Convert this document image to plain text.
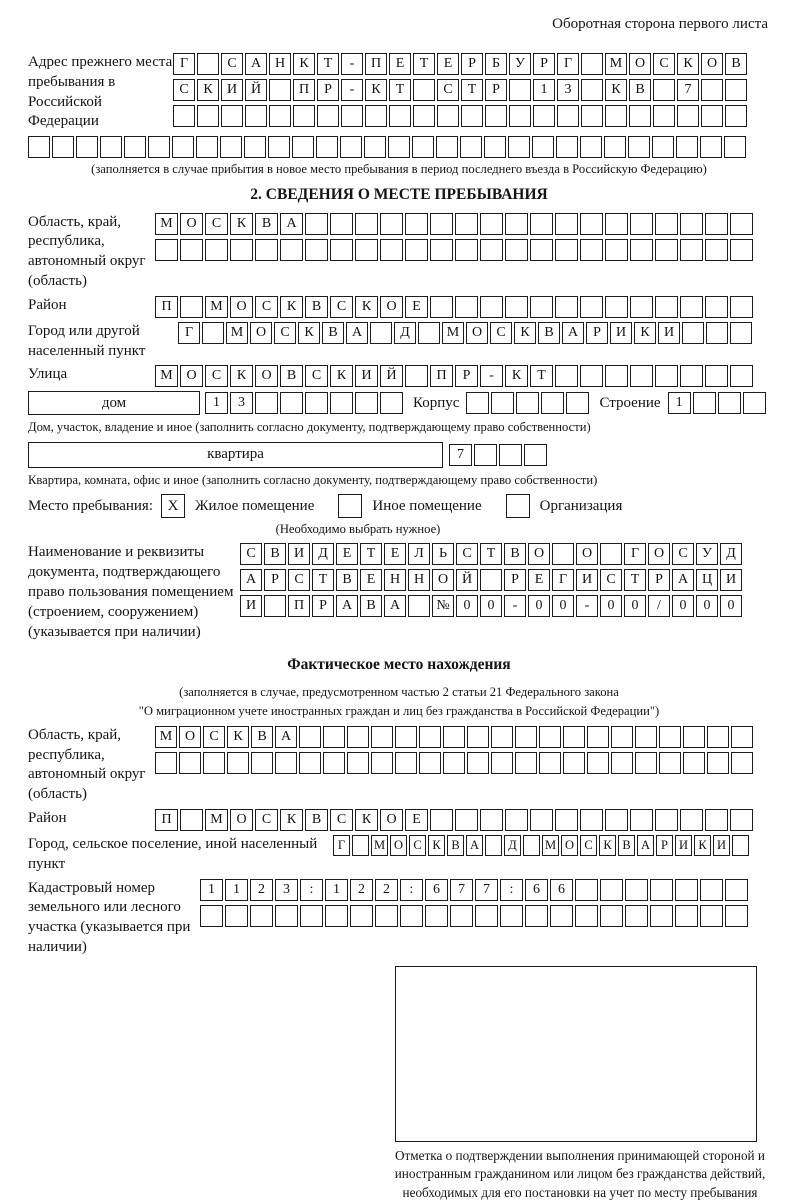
Оборотная сторона первого листа
Адрес прежнего места пребывания в Российской Федерации
Г	С	А Н	К	Т	-	П	Е	Т	Е	Р	Б	У	Р	Г	М О	С	К	О	В
С	К	И Й	П	Р	-	К	Т	С	Т	Р	1	3	К	В	7
(заполняется в случае прибытия в новое место пребывания в период последнего въезда в Российскую Федерацию)
2. СВЕДЕНИЯ О МЕСТЕ ПРЕБЫВАНИЯ
Область, край, республика, автономный округ (область)
М О	С	К	В	А
Район	П	М О	С	К	В	С	К	О	Е
Город или другой населенный пункт
Г	М О	С	К	В	А	Д	М О	С	К	В	А	Р	И	К	И
Улица	М О	С	К	О	В	С	К	И	Й	П	Р	-	К	Т
дом	1	3	Корпус	Строение	1
Дом, участок, владение и иное (заполнить согласно документу, подтверждающему право собственности)
квартира	7
Квартира, комната, офис и иное (заполнить согласно документу, подтверждающему право собственности)
Место пребывания: X	Жилое помещение	Иное помещение	Организация
(Необходимо выбрать нужное)
Наименование и реквизиты документа, подтверждающего право пользования помещением (строением, сооружением) (указывается при наличии)
С	В	И	Д	Е	Т	Е	Л	Ь	С	Т	В	О	О	Г	О	С	У	Д
А	Р	С	Т	В	Е	Н Н О Й	Р	Е	Г	И	С	Т	Р	А Ц И
И	П	Р	А	В	А	№ 0	0	-	0	0	-	0	0	/	0	0	0
Фактическое место нахождения
(заполняется в случае, предусмотренном частью 2 статьи 21 Федерального закона
"О миграционном учете иностранных граждан и лиц без гражданства в Российской Федерации")
Область, край, республика, автономный округ (область)
М О	С	К	В	А
Район	П	М О	С	К	В	С	К	О	Е
Город, сельское поселение, иной населенный пункт
Г	М О С К В А	Д	М О С К В А Р И К И
Кадастровый номер земельного или лесного участка (указывается при наличии)
1	1	2	3	:	1	2	2	:	6	7	7	:	6	6
Отметка о подтверждении выполнения принимающей стороной и иностранным гражданином или лицом без гражданства действий, необходимых для его постановки на учет по месту пребывания
